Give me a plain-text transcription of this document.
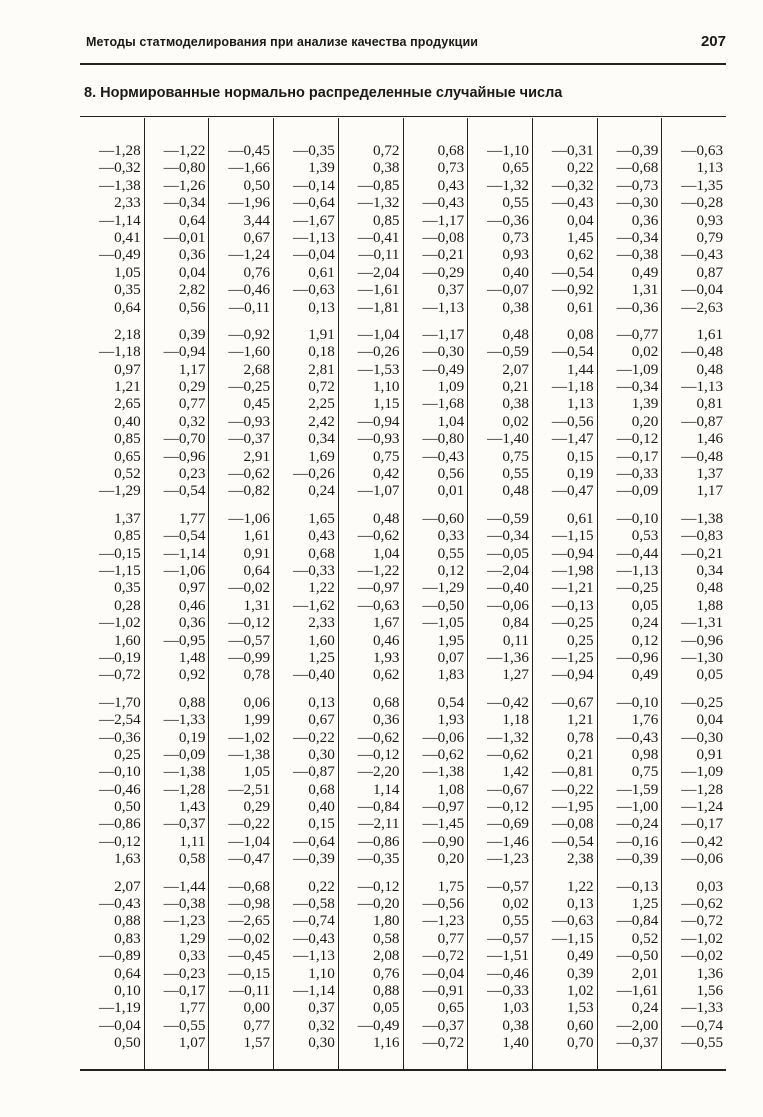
Методы статмоделирования при анализе качества продукции	207
8. Нормированные нормально распределенные случайные числа
—1,28
—0,32
—1,38
2,33
—1,14
0,41
—0,49
1,05
0,35
0,64
2,18
—1,18
0,97
1,21
2,65
0,40
0,85
0,65
0,52
—1,29
1,37
0,85
—0,15
—1,15
0,35
0,28
—1,02
1,60
—0,19
—0,72
—1,70
—2,54
—0,36
0,25
—0,10
—0,46
0,50
—0,86
—0,12
1,63
2,07
—0,43
0,88
0,83
—0,89
0,64
0,10
—1,19
—0,04
0,50
—1,22
—0,80
—1,26
—0,34
0,64
—0,01
0,36
0,04
2,82
0,56
0,39
—0,94
1,17
0,29
0,77
0,32
—0,70
—0,96
0,23
—0,54
1,77
—0,54
—1,14
—1,06
0,97
0,46
0,36
—0,95
1,48
0,92
0,88
—1,33
0,19
—0,09
—1,38
—1,28
1,43
—0,37
1,11
0,58
—1,44
—0,38
—1,23
1,29
0,33
—0,23
—0,17
1,77
—0,55
1,07
—0,45
—1,66
0,50
—1,96
3,44
0,67
—1,24
0,76
—0,46
—0,11
—0,92
—1,60
2,68
—0,25
0,45
—0,93
—0,37
2,91
—0,62
—0,82
—1,06
1,61
0,91
0,64
—0,02
1,31
—0,12
—0,57
—0,99
0,78
0,06
1,99
—1,02
—1,38
1,05
—2,51
0,29
—0,22
—1,04
—0,47
—0,68
—0,98
—2,65
—0,02
—0,45
—0,15
—0,11
0,00
0,77
1,57
—0,35
1,39
—0,14
—0,64
—1,67
—1,13
—0,04
0,61
—0,63
0,13
1,91
0,18
2,81
0,72
2,25
2,42
0,34
1,69
—0,26
0,24
1,65
0,43
0,68
—0,33
1,22
—1,62
2,33
1,60
1,25
—0,40
0,13
0,67
—0,22
0,30
—0,87
0,68
0,40
0,15
—0,64
—0,39
0,22
—0,58
—0,74
—0,43
—1,13
1,10
—1,14
0,37
0,32
0,30
0,72
0,38
—0,85
—1,32
0,85
—0,41
—0,11
—2,04
—1,61
—1,81
—1,04
—0,26
—1,53
1,10
1,15
—0,94
—0,93
0,75
0,42
—1,07
0,48
—0,62
1,04
—1,22
—0,97
—0,63
1,67
0,46
1,93
0,62
0,68
0,36
—0,62
—0,12
—2,20
1,14
—0,84
—2,11
—0,86
—0,35
—0,12
—0,20
1,80
0,58
2,08
0,76
0,88
0,05
—0,49
1,16
0,68
0,73
0,43
—0,43
—1,17
—0,08
—0,21
—0,29
0,37
—1,13
—1,17
—0,30
—0,49
1,09
—1,68
1,04
—0,80
—0,43
0,56
0,01
—0,60
0,33
0,55
0,12
—1,29
—0,50
—1,05
1,95
0,07
1,83
0,54
1,93
—0,06
—0,62
—1,38
1,08
—0,97
—1,45
—0,90
0,20
1,75
—0,56
—1,23
0,77
—0,72
—0,04
—0,91
0,65
—0,37
—0,72
—1,10
0,65
—1,32
0,55
—0,36
0,73
0,93
0,40
—0,07
0,38
0,48
—0,59
2,07
0,21
0,38
0,02
—1,40
0,75
0,55
0,48
—0,59
—0,34
—0,05
—2,04
—0,40
—0,06
0,84
0,11
—1,36
1,27
—0,42
1,18
—1,32
—0,62
1,42
—0,67
—0,12
—0,69
—1,46
—1,23
—0,57
0,02
0,55
—0,57
—1,51
—0,46
—0,33
1,03
0,38
1,40
—0,31
0,22
—0,32
—0,43
0,04
1,45
0,62
—0,54
—0,92
0,61
0,08
—0,54
1,44
—1,18
1,13
—0,56
—1,47
0,15
0,19
—0,47
0,61
—1,15
—0,94
—1,98
—1,21
—0,13
—0,25
0,25
—1,25
—0,94
—0,67
1,21
0,78
0,21
—0,81
—0,22
—1,95
—0,08
—0,54
2,38
1,22
0,13
—0,63
—1,15
0,49
0,39
1,02
1,53
0,60
0,70
—0,39
—0,68
—0,73
—0,30
0,36
—0,34
—0,38
0,49
1,31
—0,36
—0,77
0,02
—1,09
—0,34
1,39
0,20
—0,12
—0,17
—0,33
—0,09
—0,10
0,53
—0,44
—1,13
—0,25
0,05
0,24
0,12
—0,96
0,49
—0,10
1,76
—0,43
0,98
0,75
—1,59
—1,00
—0,24
—0,16
—0,39
—0,13
1,25
—0,84
0,52
—0,50
2,01
—1,61
0,24
—2,00
—0,37
—0,63
1,13
—1,35
—0,28
0,93
0,79
—0,43
0,87
—0,04
—2,63
1,61
—0,48
0,48
—1,13
0,81
—0,87
1,46
—0,48
1,37
1,17
—1,38
—0,83
—0,21
0,34
0,48
1,88
—1,31
—0,96
—1,30
0,05
—0,25
0,04
—0,30
0,91
—1,09
—1,28
—1,24
—0,17
—0,42
—0,06
0,03
—0,62
—0,72
—1,02
—0,02
1,36
1,56
—1,33
—0,74
—0,55
